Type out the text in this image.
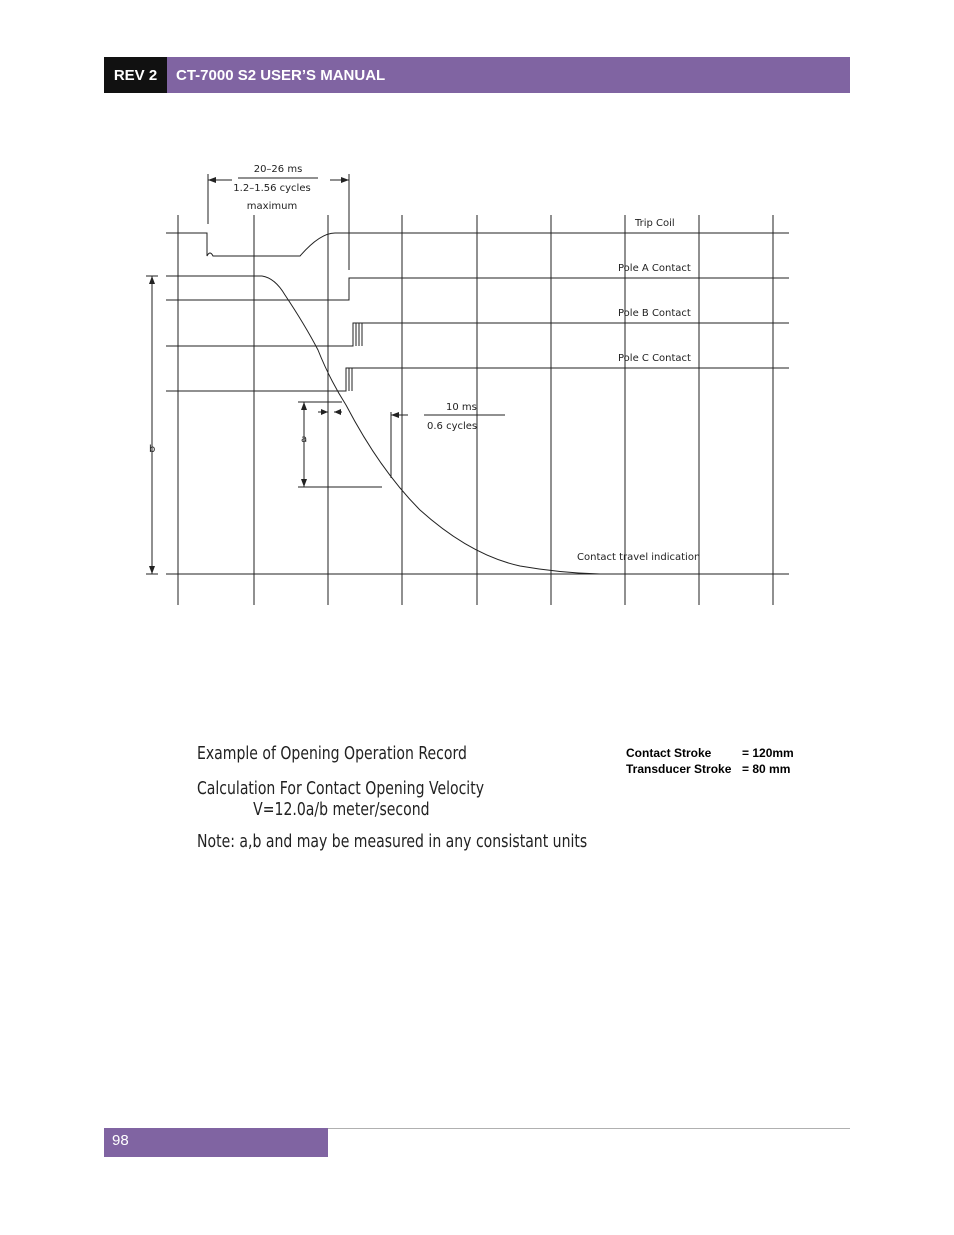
REV 2	CT-7000 S2 USER’S MANUAL
20–26 ms
1.2–1.56 cycles
maximum
Trip Coil
Pole A Contact
Pole B Contact
Pole C Contact
Contact travel indication
10 ms
0.6 cycles
a
b
Example of Opening Operation Record
Calculation For Contact Opening Velocity
V=12.0a/b meter/second
Note: a,b and may be measured in any consistant units
Contact Stroke	= 120mm
Transducer Stroke = 80 mm
98
